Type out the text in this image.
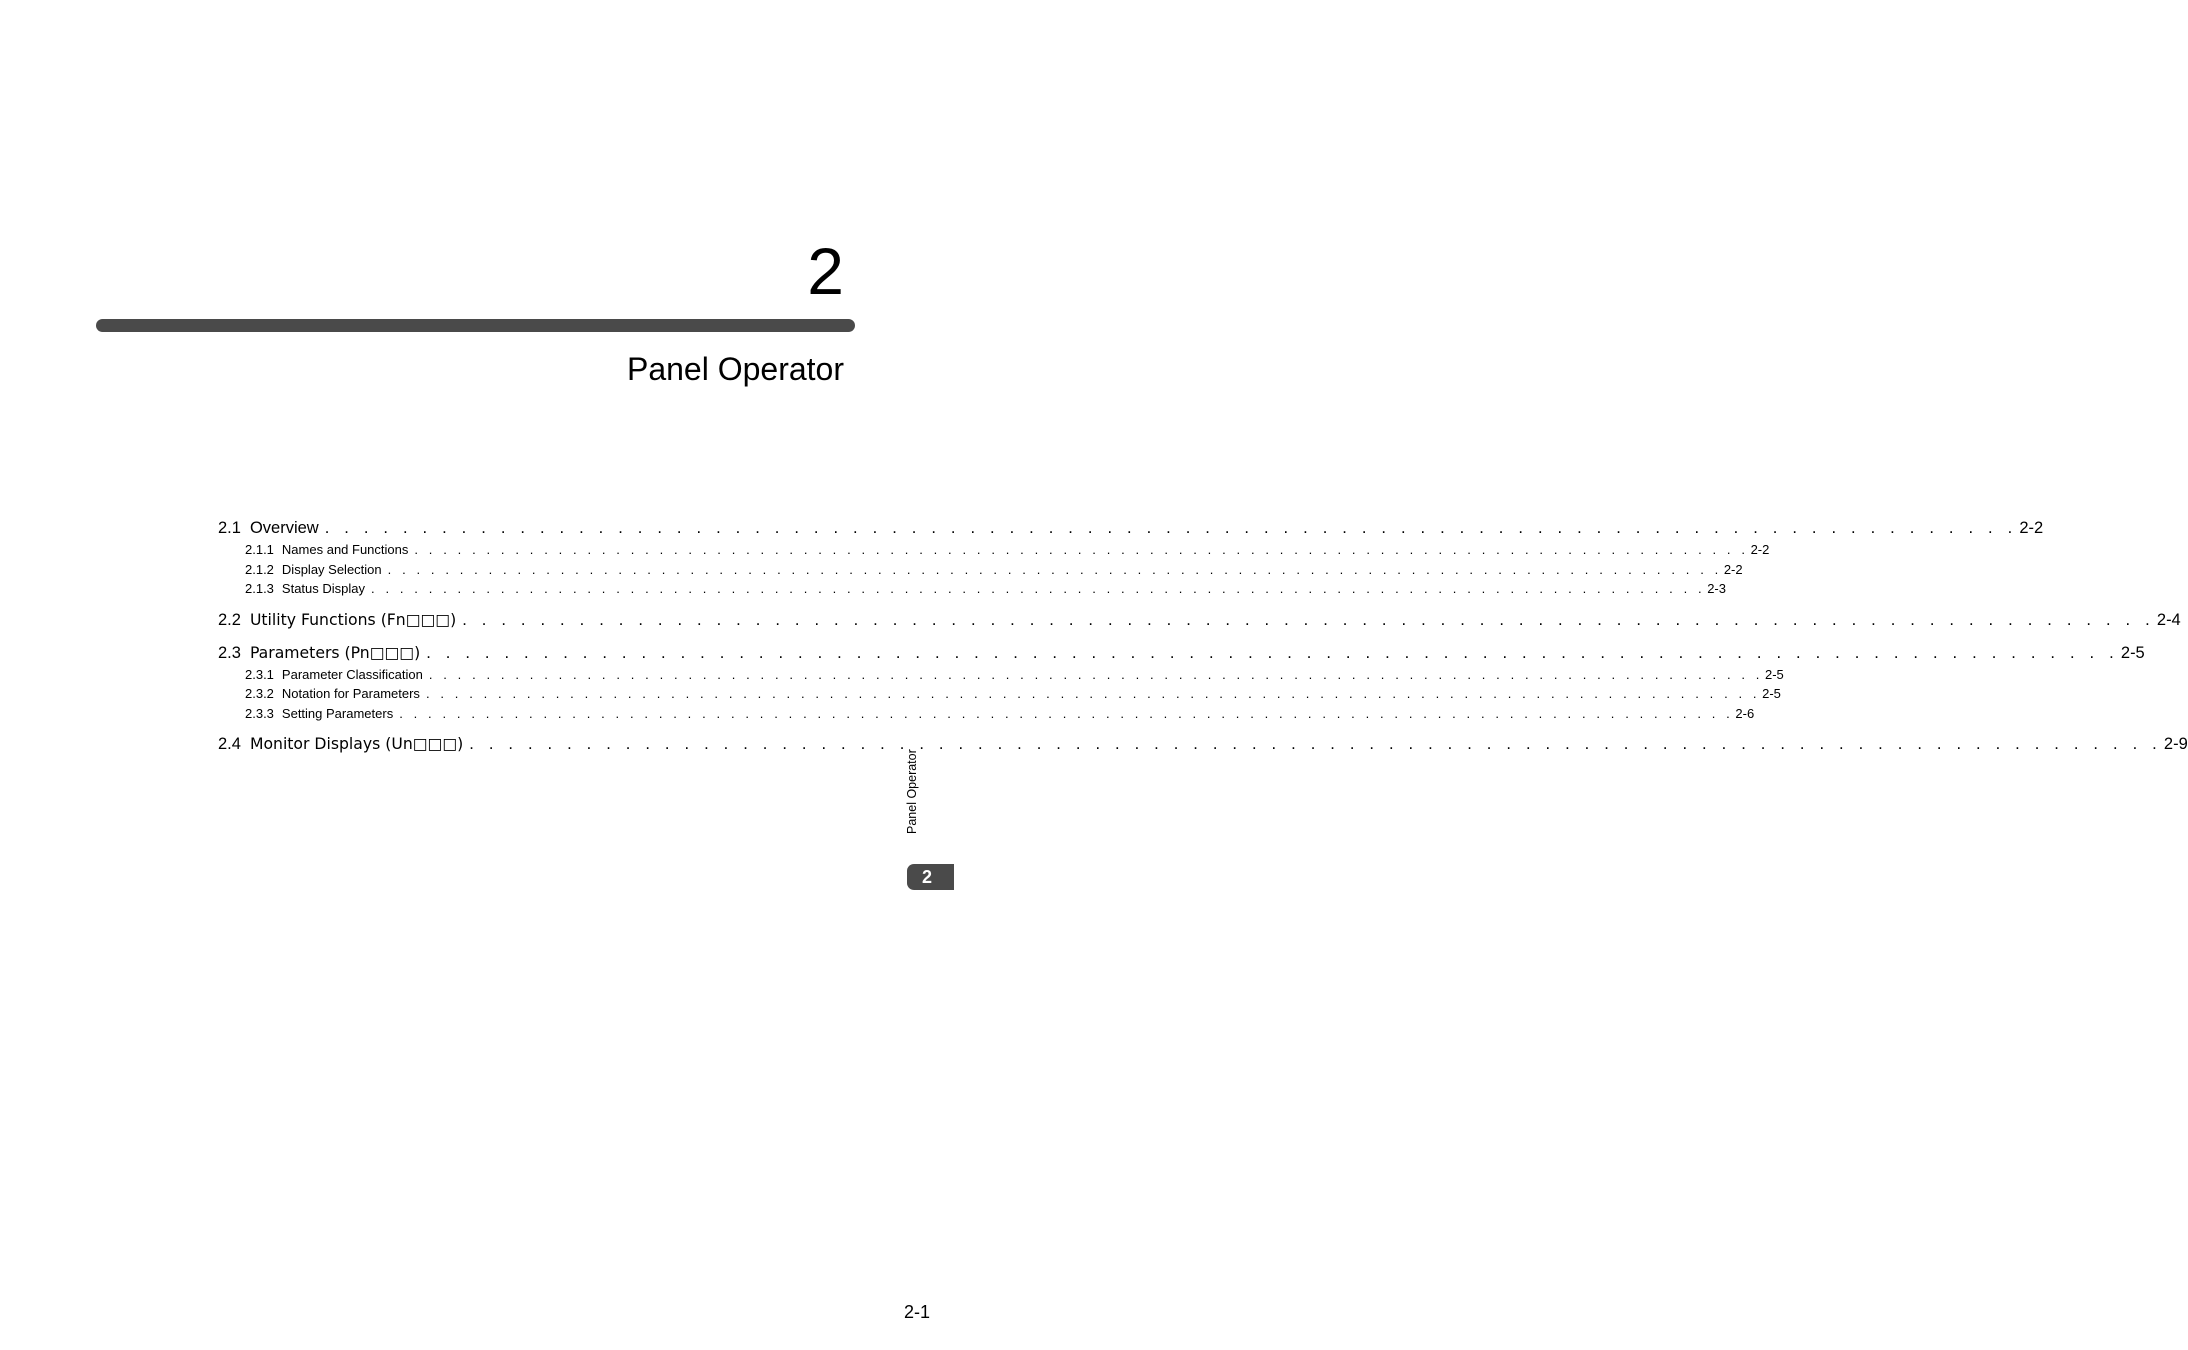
2
Panel Operator
2.1 Overview . . . . . . . . . . . . . . . . . . . . . . . . . . . . . . . . . . . . . . . . . . . . . . . . . . . . . . . . . . . . . . . . . . . . . . . . . . . . . . . . . . . . . . . 2-2
2.1.1 Names and Functions . . . . . . . . . . . . . . . . . . . . . . . . . . . . . . . . . . . . . . . . . . . . . . . . . . . . . . . . . . . . . . . . . . . . . . . . . . . . . . . . . . . . . . . . . . . . . 2-2
2.1.2 Display Selection . . . . . . . . . . . . . . . . . . . . . . . . . . . . . . . . . . . . . . . . . . . . . . . . . . . . . . . . . . . . . . . . . . . . . . . . . . . . . . . . . . . . . . . . . . . . . 2-2
2.1.3 Status Display . . . . . . . . . . . . . . . . . . . . . . . . . . . . . . . . . . . . . . . . . . . . . . . . . . . . . . . . . . . . . . . . . . . . . . . . . . . . . . . . . . . . . . . . . . . . . 2-3
2.2 Utility Functions (Fn□□□) . . . . . . . . . . . . . . . . . . . . . . . . . . . . . . . . . . . . . . . . . . . . . . . . . . . . . . . . . . . . . . . . . . . . . . . . . . . . . . . . . . . . . . . 2-4
2.3 Parameters (Pn□□□) . . . . . . . . . . . . . . . . . . . . . . . . . . . . . . . . . . . . . . . . . . . . . . . . . . . . . . . . . . . . . . . . . . . . . . . . . . . . . . . . . . . . . . . 2-5
2.3.1 Parameter Classification . . . . . . . . . . . . . . . . . . . . . . . . . . . . . . . . . . . . . . . . . . . . . . . . . . . . . . . . . . . . . . . . . . . . . . . . . . . . . . . . . . . . . . . . . . . . . 2-5
2.3.2 Notation for Parameters . . . . . . . . . . . . . . . . . . . . . . . . . . . . . . . . . . . . . . . . . . . . . . . . . . . . . . . . . . . . . . . . . . . . . . . . . . . . . . . . . . . . . . . . . . . . . 2-5
2.3.3 Setting Parameters . . . . . . . . . . . . . . . . . . . . . . . . . . . . . . . . . . . . . . . . . . . . . . . . . . . . . . . . . . . . . . . . . . . . . . . . . . . . . . . . . . . . . . . . . . . . . 2-6
2.4 Monitor Displays (Un□□□) . . . . . . . . . . . . . . . . . . . . . . . . . . . . . . . . . . . . . . . . . . . . . . . . . . . . . . . . . . . . . . . . . . . . . . . . . . . . . . . . . . . . . . . 2-9
Panel Operator
2
2-1
